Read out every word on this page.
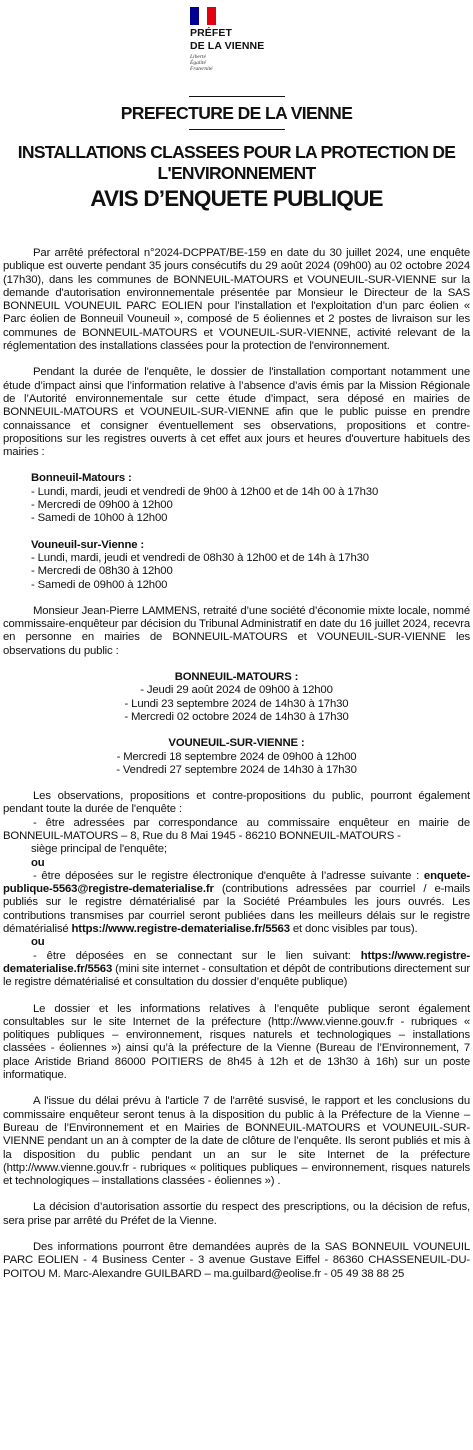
PRÉFET
DE LA VIENNE
Liberté
Égalité
Fraternité
PREFECTURE DE LA VIENNE
INSTALLATIONS CLASSEES POUR LA PROTECTION DE L'ENVIRONNEMENT
AVIS D’ENQUETE PUBLIQUE

Par arrêté préfectoral n°2024-DCPPAT/BE-159 en date du 30 juillet 2024, une enquête publique est ouverte pendant 35 jours consécutifs du 29 août 2024 (09h00) au 02 octobre 2024 (17h30), dans les communes de BONNEUIL-MATOURS et VOUNEUIL-SUR-VIENNE sur la demande d'autorisation environnementale présentée par Monsieur le Directeur de la SAS BONNEUIL VOUNEUIL PARC EOLIEN pour l’installation et l'exploitation d’un parc éolien « Parc éolien de Bonneuil Vouneuil », composé de 5 éoliennes et 2 postes de livraison sur les communes de BONNEUIL-MATOURS et VOUNEUIL-SUR-VIENNE, activité relevant de la réglementation des installations classées pour la protection de l'environnement.

Pendant la durée de l'enquête, le dossier de l'installation comportant notamment une étude d’impact ainsi que l’information relative à l’absence d’avis émis par la Mission Régionale de l’Autorité environnementale sur cette étude d’impact, sera déposé en mairies de BONNEUIL-MATOURS et VOUNEUIL-SUR-VIENNE afin que le public puisse en prendre connaissance et consigner éventuellement ses observations, propositions et contre-propositions sur les registres ouverts à cet effet aux jours et heures d'ouverture habituels des mairies :

Bonneuil-Matours :
- Lundi, mardi, jeudi et vendredi de 9h00 à 12h00 et de 14h 00 à 17h30
- Mercredi de 09h00 à 12h00
- Samedi de 10h00 à 12h00
Vouneuil-sur-Vienne :
- Lundi, mardi, jeudi et vendredi de 08h30 à 12h00 et de 14h à 17h30
- Mercredi de 08h30 à 12h00
- Samedi de 09h00 à 12h00

Monsieur Jean-Pierre LAMMENS, retraité d’une société d’économie mixte locale, nommé commissaire-enquêteur par décision du Tribunal Administratif en date du 16 juillet 2024, recevra en personne en mairies de BONNEUIL-MATOURS et VOUNEUIL-SUR-VIENNE les observations du public :

BONNEUIL-MATOURS :
- Jeudi 29 août 2024 de 09h00 à 12h00
- Lundi 23 septembre 2024 de 14h30 à 17h30
- Mercredi 02 octobre 2024 de 14h30 à 17h30
VOUNEUIL-SUR-VIENNE :
- Mercredi 18 septembre 2024 de 09h00 à 12h00
- Vendredi 27 septembre 2024 de 14h30 à 17h30

Les observations, propositions et contre-propositions du public, pourront également pendant toute la durée de l'enquête :

- être adressées par correspondance au commissaire enquêteur en mairie de BONNEUIL-MATOURS – 8, Rue du 8 Mai 1945 - 86210 BONNEUIL-MATOURS -

siège principal de l'enquête;

ou

- être déposées sur le registre électronique d'enquête à l’adresse suivante : enquete-publique-5563@registre-dematerialise.fr (contributions adressées par courriel / e-mails publiés sur le registre dématérialisé par la Société Préambules les jours ouvrés. Les contributions transmises par courriel seront publiées dans les meilleurs délais sur le registre dématérialisé https://www.registre-dematerialise.fr/5563 et donc visibles par tous).

ou

- être déposées en se connectant sur le lien suivant: https://www.registre-dematerialise.fr/5563 (mini site internet - consultation et dépôt de contributions directement sur le registre dématérialisé et consultation du dossier d’enquête publique)

Le dossier et les informations relatives à l’enquête publique seront également consultables sur le site Internet de la préfecture (http://www.vienne.gouv.fr - rubriques « politiques publiques – environnement, risques naturels et technologiques – installations classées - éoliennes ») ainsi qu’à la préfecture de la Vienne (Bureau de l’Environnement, 7 place Aristide Briand 86000 POITIERS de 8h45 à 12h et de 13h30 à 16h) sur un poste informatique.

A l'issue du délai prévu à l'article 7 de l'arrêté susvisé, le rapport et les conclusions du commissaire enquêteur seront tenus à la disposition du public à la Préfecture de la Vienne – Bureau de l’Environnement et en Mairies de BONNEUIL-MATOURS et VOUNEUIL-SUR-VIENNE pendant un an à compter de la date de clôture de l’enquête. Ils seront publiés et mis à la disposition du public pendant un an sur le site Internet de la préfecture (http://www.vienne.gouv.fr - rubriques « politiques publiques – environnement, risques naturels et technologiques – installations classées - éoliennes ») .

La décision d’autorisation assortie du respect des prescriptions, ou la décision de refus, sera prise par arrêté du Préfet de la Vienne.

Des informations pourront être demandées auprès de la SAS BONNEUIL VOUNEUIL PARC EOLIEN - 4 Business Center - 3 avenue Gustave Eiffel - 86360 CHASSENEUIL-DU-POITOU M. Marc-Alexandre GUILBARD – ma.guilbard@eolise.fr - 05 49 38 88 25
